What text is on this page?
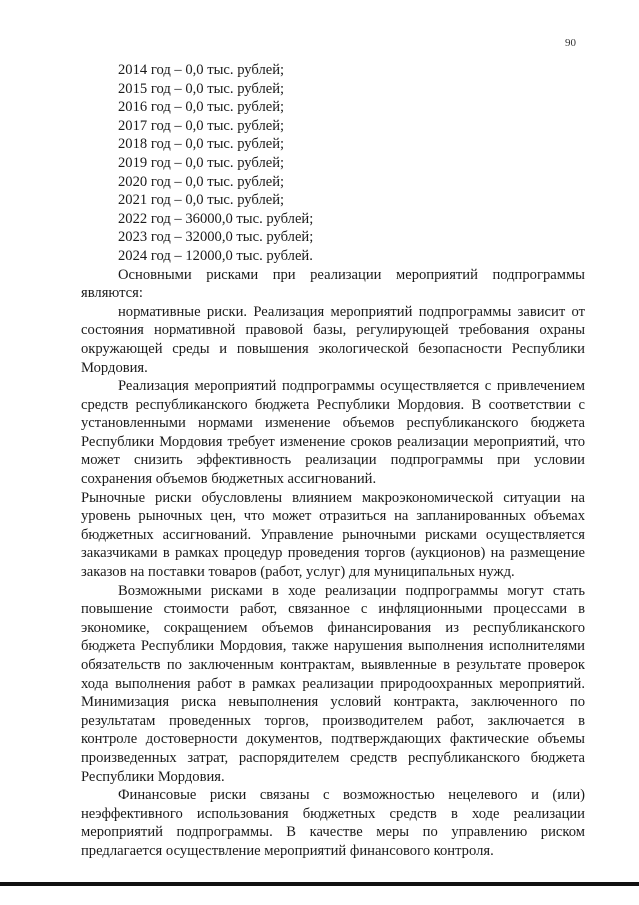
90
2014 год – 0,0 тыс. рублей;
2015 год – 0,0 тыс. рублей;
2016 год – 0,0 тыс. рублей;
2017 год – 0,0 тыс. рублей;
2018 год – 0,0 тыс. рублей;
2019 год – 0,0 тыс. рублей;
2020 год – 0,0 тыс. рублей;
2021 год – 0,0 тыс. рублей;
2022 год – 36000,0 тыс. рублей;
2023 год – 32000,0 тыс. рублей;
2024 год – 12000,0 тыс. рублей.

Основными рисками при реализации мероприятий подпрограммы являются:

нормативные риски. Реализация мероприятий подпрограммы зависит от состояния нормативной правовой базы, регулирующей требования охраны окружающей среды и повышения экологической безопасности Республики Мордовия.

Реализация мероприятий подпрограммы осуществляется с привлечением средств республиканского бюджета Республики Мордовия. В соответствии с установленными нормами изменение объемов республиканского бюджета Республики Мордовия требует изменение сроков реализации мероприятий, что может снизить эффективность реализации подпрограммы при условии сохранения объемов бюджетных ассигнований.

Рыночные риски обусловлены влиянием макроэкономической ситуации на уровень рыночных цен, что может отразиться на запланированных объемах бюджетных ассигнований. Управление рыночными рисками осуществляется заказчиками в рамках процедур проведения торгов (аукционов) на размещение заказов на поставки товаров (работ, услуг) для муниципальных нужд.

Возможными рисками в ходе реализации подпрограммы могут стать повышение стоимости работ, связанное с инфляционными процессами в экономике, сокращением объемов финансирования из республиканского бюджета Республики Мордовия, также нарушения выполнения исполнителями обязательств по заключенным контрактам, выявленные в результате проверок хода выполнения работ в рамках реализации природоохранных мероприятий. Минимизация риска невыполнения условий контракта, заключенного по результатам проведенных торгов, производителем работ, заключается в контроле достоверности документов, подтверждающих фактические объемы произведенных затрат, распорядителем средств республиканского бюджета Республики Мордовия.

Финансовые риски связаны с возможностью нецелевого и (или) неэффективного использования бюджетных средств в ходе реализации мероприятий подпрограммы. В качестве меры по управлению риском предлагается осуществление мероприятий финансового контроля.
